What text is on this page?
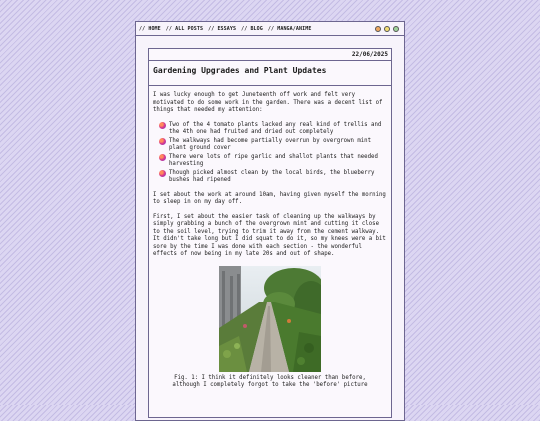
// HOME // ALL POSTS // ESSAYS // BLOG // MANGA/ANIME
22/06/2025
Gardening Upgrades and Plant Updates

I was lucky enough to get Juneteenth off work and felt very motivated to do some work in the garden. There was a decent list of things that needed my attention:

Two of the 4 tomato plants lacked any real kind of trellis and the 4th one had fruited and dried out completely
The walkways had become partially overrun by overgrown mint plant ground cover
There were lots of ripe garlic and shallot plants that needed harvesting
Though picked almost clean by the local birds, the blueberry bushes had ripened

I set about the work at around 10am, having given myself the morning to sleep in on my day off.

First, I set about the easier task of cleaning up the walkways by simply grabbing a bunch of the overgrown mint and cutting it close to the soil level, trying to trim it away from the cement walkway. It didn't take long but I did squat to do it, so my knees were a bit sore by the time I was done with each section - the wonderful effects of now being in my late 20s and out of shape.

Fig. 1: I think it definitely looks cleaner than before, although I completely forgot to take the 'before' picture
